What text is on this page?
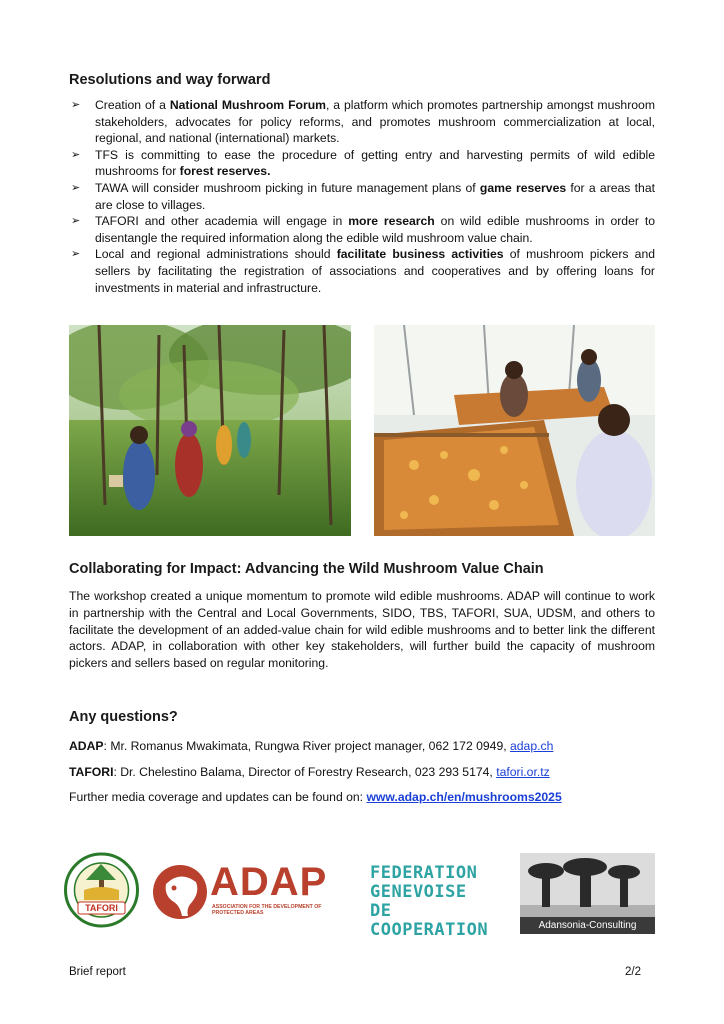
Resolutions and way forward
➢ Creation of a National Mushroom Forum, a platform which promotes partnership amongst mushroom stakeholders, advocates for policy reforms, and promotes mushroom commercialization at local, regional, and national (international) markets.
➢ TFS is committing to ease the procedure of getting entry and harvesting permits of wild edible mushrooms for forest reserves.
➢ TAWA will consider mushroom picking in future management plans of game reserves for a areas that are close to villages.
➢ TAFORI and other academia will engage in more research on wild edible mushrooms in order to disentangle the required information along the edible wild mushroom value chain.
➢ Local and regional administrations should facilitate business activities of mushroom pickers and sellers by facilitating the registration of associations and cooperatives and by offering loans for investments in material and infrastructure.
Collaborating for Impact: Advancing the Wild Mushroom Value Chain

The workshop created a unique momentum to promote wild edible mushrooms. ADAP will continue to work in partnership with the Central and Local Governments, SIDO, TBS, TAFORI, SUA, UDSM, and others to facilitate the development of an added-value chain for wild edible mushrooms and to better link the different actors. ADAP, in collaboration with other key stakeholders, will further build the capacity of mushroom pickers and sellers based on regular monitoring.

Any questions?
ADAP: Mr. Romanus Mwakimata, Rungwa River project manager, 062 172 0949, adap.ch
TAFORI: Dr. Chelestino Balama, Director of Forestry Research, 023 293 5174, tafori.or.tz
Further media coverage and updates can be found on: www.adap.ch/en/mushrooms2025
TAFORI
ADAP
ASSOCIATION FOR THE DEVELOPMENT OF
PROTECTED AREAS
FEDERATION
GENEVOISE
DE COOPERATION	Adansonia-Consulting
Brief report	2/2
